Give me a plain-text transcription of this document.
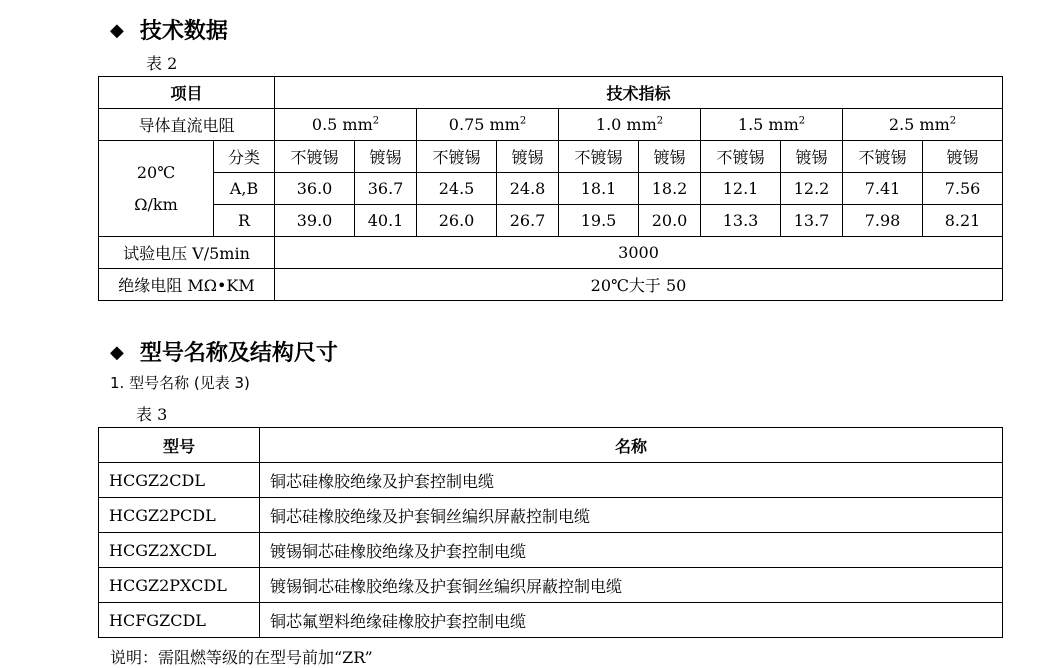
◆ 技术数据
表 2
项目		技术指标									
导体直流电阻		0.5 $mm^2$		0.75 $mm^2$		1.0 $mm^2$		1.5 $mm^2$		2.5 $mm^2$

20℃
Ω/km	分类	不镀锡	镀锡	不镀锡	镀锡	不镀锡	镀锡	不镀锡	镀锡	不镀锡	镀锡
	A,B	36.0	36.7	24.5	24.8	18.1	18.2	12.1	12.2	7.41	7.56
	R	39.0	40.1	26.0	26.7	19.5	20.0	13.3	13.7	7.98	8.21
试验电压 V/5min		3000									
绝缘电阻 MΩ•KM		20℃大于 50									
◆ 型号名称及结构尺寸
1. 型号名称 (见表 3)
表 3
型号	名称
HCGZ2CDL	铜芯硅橡胶绝缘及护套控制电缆
HCGZ2PCDL	铜芯硅橡胶绝缘及护套铜丝编织屏蔽控制电缆
HCGZ2XCDL	镀锡铜芯硅橡胶绝缘及护套控制电缆
HCGZ2PXCDL	镀锡铜芯硅橡胶绝缘及护套铜丝编织屏蔽控制电缆
HCFGZCDL	铜芯氟塑料绝缘硅橡胶护套控制电缆
说明：需阻燃等级的在型号前加“ZR”
